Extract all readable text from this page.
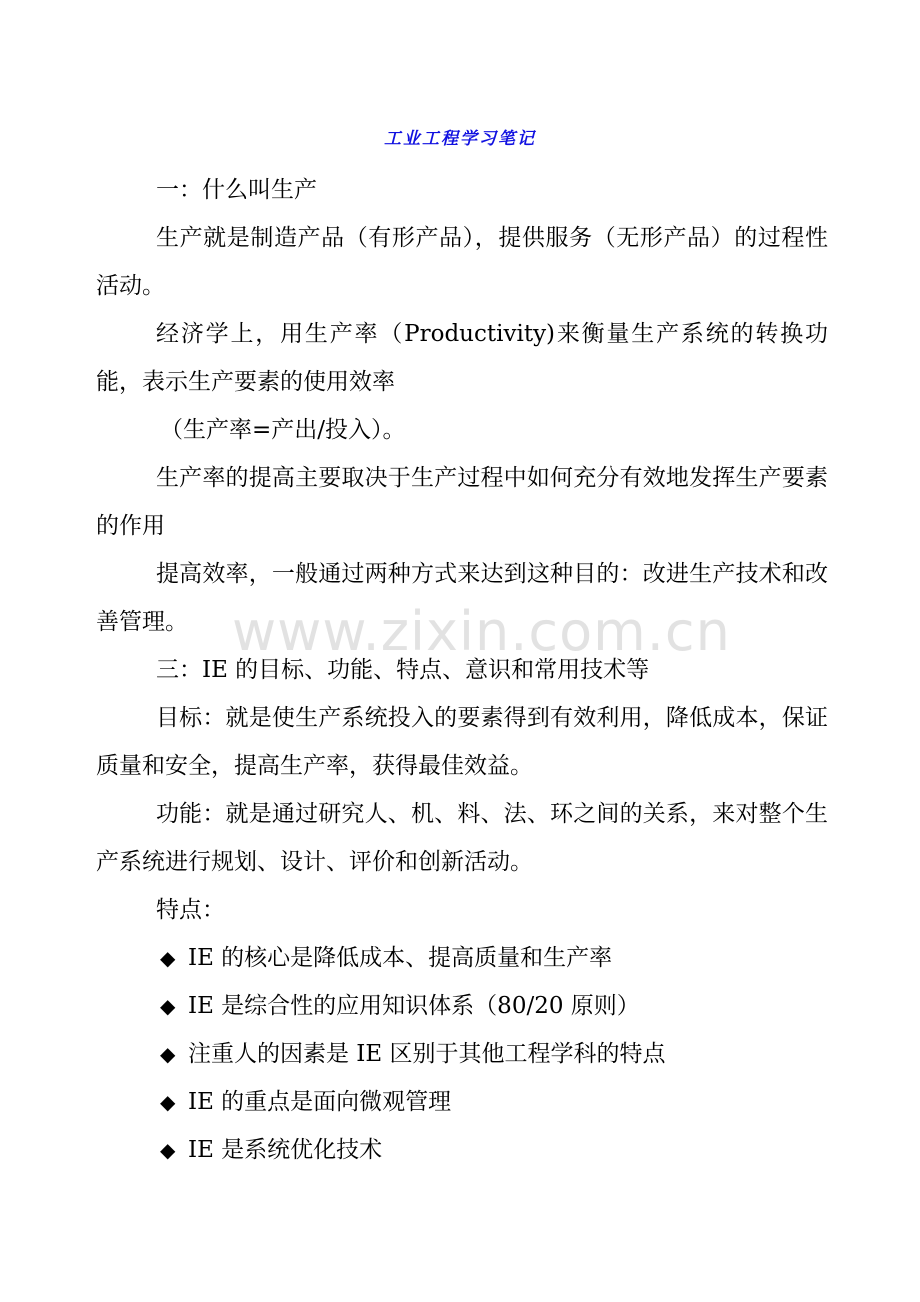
工业工程学习笔记

一：什么叫生产

生产就是制造产品（有形产品），提供服务（无形产品）的过程性活动。

经济学上，用生产率（Productivity)来衡量生产系统的转换功能，表示生产要素的使用效率

（生产率=产出/投入）。

生产率的提高主要取决于生产过程中如何充分有效地发挥生产要素的作用

提高效率，一般通过两种方式来达到这种目的：改进生产技术和改善管理。

三：IE 的目标、功能、特点、意识和常用技术等

目标：就是使生产系统投入的要素得到有效利用，降低成本，保证质量和安全，提高生产率，获得最佳效益。

功能：就是通过研究人、机、料、法、环之间的关系，来对整个生产系统进行规划、设计、评价和创新活动。

特点：

◆ IE 的核心是降低成本、提高质量和生产率
◆ IE 是综合性的应用知识体系（80/20 原则）
◆ 注重人的因素是 IE 区别于其他工程学科的特点
◆ IE 的重点是面向微观管理
◆ IE 是系统优化技术
www.zixin.com.cn
